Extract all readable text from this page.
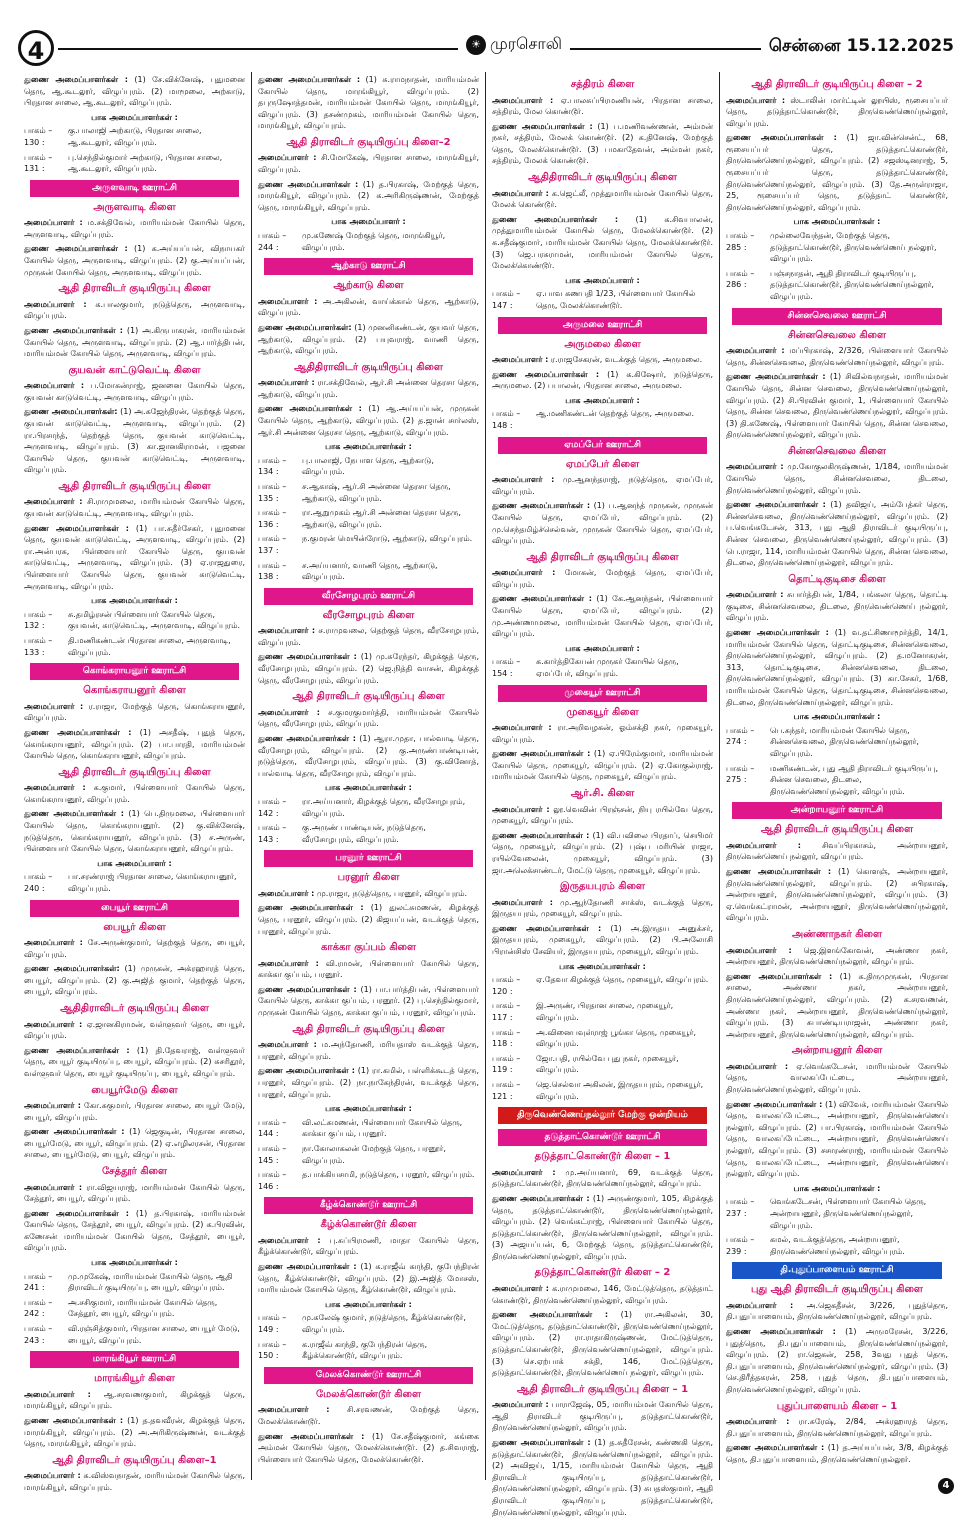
4	☀ முரசொலி	சென்னை 15.12.2025

துணை அமைப்பாளர்கள் : (1) சே.விக்னேஷ், புதுமனை தெரு, ஆ.கூடலூர், விழுப்புரம். (2) மாமூலை, அற்காடு, பிரதான சாலை, ஆ.கூடலூர், விழுப்புரம்.

பாக அமைப்பாளர்கள் :
பாகம் – 130 :
கு.பாலாஜி அற்காடு, பிரதான சாலை, ஆ.கூடலூர், விழுப்புரம்.
பாகம் – 131 :
பு.செந்தில்குமார் அற்காடு, பிரதான சாலை, ஆ.கூடலூர், விழுப்புரம்.
அருளவாடி ஊராட்சி
அருளவாடி கிளை

அமைப்பாளர் : ம.சக்திவேல், மாரியம்மன் கோயில் தெரு, அருளவாடி, விழுப்புரம்.

துணை அமைப்பாளர்கள் : (1) க.அய்யப்பன், விநாயகர் கோயில் தெரு, அருளவாடி, விழுப்புரம். (2) கு.அய்யப்பன், முருகன் கோயில் தெரு, அருளவாடி, விழுப்புரம்.

ஆதி திராவிடர் குடியிருப்பு கிளை

அமைப்பாளர் : க.பாலகுமார், நடுத்தெரு, அருளவாடி, விழுப்புரம்.

துணை அமைப்பாளர்கள் : (1) அ.கிருபாகரன், மாரியம்மன் கோயில் தெரு, அருளவாடி, விழுப்புரம். (2) ஆ.பார்த்திபன், மாரியம்மன் கோயில் தெரு, அருளவாடி, விழுப்புரம்.

குயவன் காட்டுவெட்டி கிளை

அமைப்பாளர் : ப.மோகன்ராஜ், ஜனனை கோயில் தெரு, குயவன் காடுவெட்டி, அருளவாடி, விழுப்புரம்.

துணை அமைப்பாளர்கள்: (1) அ.கஜேந்திரன், தெற்குத் தெரு, குயவன் காடுவெட்டி, அருளவாடி, விழுப்புரம். (2) ரா.பிரசாந்த், தெற்குத் தெரு, குயவன் காடுவெட்டி, அருளவாடி, விழுப்புரம். (3) கா.ஜானகிராமன், பஜனை கோயில் தெரு, குயவன் காடுவெட்டி, அருளவாடி, விழுப்புரம்.

ஆதி திராவிடர் குடியிருப்பு கிளை

அமைப்பாளர் : சி.ராமுமலை, மாரியம்மன் கோயில் தெரு, குயவன் காடுவெட்டி, அருளவாடி, விழுப்புரம்.

துணை அமைப்பாளர்கள் : (1) பா.சுதீர்சேகர், புதுமனை தெரு, குயவன் காடுவெட்டி, அருளவாடி, விழுப்புரம். (2) ரா.அன்பரசு, பிள்ளையார் கோயில் தெரு, குயவன் காடுவெட்டி, அருளவாடி, விழுப்புரம். (3) ஏ.ராஜதுரை, பிள்ளையார் கோயில் தெரு, குயவன் காடுவெட்டி, அருளவாடி, விழுப்புரம்.

பாக அமைப்பாளர்கள் :
பாகம் – 132 :
சு.தமிழ்ரசன் பிள்ளையார் கோயில் தெரு, குயவன், காடுவெட்டி, அருளவாடி, விழுப்புரம்.
பாகம் – 133 :
தி.மணிகண்டன் பிரதான சாலை, அருளவாடி, விழுப்புரம்.
கொங்கராயனூர் ஊராட்சி
கொங்கராயனூர் கிளை

அமைப்பாளர் : ர.ராஜா, மேற்குத் தெரு, கொங்கராயனூர், விழுப்புரம்.

துணை அமைப்பாளர்கள் : (1) அசதீஷ், புதுத் தெரு, கொங்கராயனூர், விழுப்புரம். (2) பா.பாரதி, மாரியம்மன் கோயில் தெரு, கொங்கராயனூர், விழுப்புரம்.

ஆதி திராவிடர் குடியிருப்பு கிளை

அமைப்பாளர் : க.குமார், பிள்ளையார் கோயில் தெரு, கொங்கராயனூர், விழுப்புரம்.

துணை அமைப்பாளர்கள் : (1) பெ.திருமலை, பிள்ளையார் கோயில் தெரு, கொங்கராயனூர். (2) கு.விக்னேஷ், நடுத்தெரு, கொங்கராயனூர், விழுப்புரம். (3) ச.அருண், பிள்ளையார் கோயில் தெரு, கொங்கராயனூர், விழுப்புரம்.

பாக அமைப்பாளர் :
பாகம் – 240 :
பா.சரண்ராஜ் பிரதான சாலை, கொங்கராயனூர், விழுப்புரம்.
பையூர் ஊராட்சி
பையூர் கிளை

அமைப்பாளர் : சே.அருண்குமார், தெற்குத் தெரு, பையூர், விழுப்புரம்.

துணை அமைப்பாளர்கள்: (1) முருகன், அக்ரஹாரத் தெரு, பையூர், விழுப்புரம். (2) கு.அஜித் குமார், தெற்குத் தெரு, பையூர், விழுப்புரம்.

ஆதிதிராவிடர் குடியிருப்பு கிளை

அமைப்பாளர் : ஏ.ஜானகிராமன், வள்ளுவர் தெரு, பையூர், விழுப்புரம்.

துணை அமைப்பாளர்கள் : (1) தி.தேவராஜ், வள்ளுவர் தெரு, பையூர் குடியிருப்பு, பையூர், விழுப்புரம். (2) சுசரிதூர், வள்ளுவர் தெரு, பையூர் குடியிருப்பு, பையூர், விழுப்புரம்.

பையூர்மேடு கிளை

அமைப்பாளர் : கோ.சுகுமார், பிரதான சாலை, பையூர் மேடு, பையூர், விழுப்புரம்.

துணை அமைப்பாளர்கள் : (1) ஜெகுடின், பிரதான சாலை, பையூர்மேடு, பையூர், விழுப்புரம். (2) ஏ.எழிலரசன், பிரதான சாலை, பையூர்மேடு, பையூர், விழுப்புரம்.

சேத்தூர் கிளை

அமைப்பாளர் : ரா.விஜயராஜ், மாரியம்மன் கோயில் தெரு, சேத்தூர், பையூர், விழுப்புரம்.

துணை அமைப்பாளர்கள் : (1) த.பிரகாஷ், மாரியம்மன் கோயில் தெரு, சேத்தூர், பையூர், விழுப்புரம். (2) க.பிரவின், கணேசன் மாரியம்மன் கோயில் தெரு, சேத்தூர், பையூர், விழுப்புரம்.

பாக அமைப்பாளர்கள் :
பாகம் – 241 :
மு.முகேஷ், மாரியம்மன் கோயில் தெரு, ஆதி திராவிடர் குடியிருப்பு, பையூர், விழுப்புரம்.
பாகம் – 242 :
அ.சசிகுமார், மாரியம்மன் கோயில் தெரு, சேத்தூர், பையூர், விழுப்புரம்.
பாகம் – 243 :
வி.ரஞ்சித்குமார், பிரதான சாலை, பையூர் மேடு, பையூர், விழுப்புரம்.
மாரங்கியூர் ஊராட்சி
மாரங்கியூர் கிளை

அமைப்பாளர் : ஆ.சரவணகுமார், கிழக்குத் தெரு, மாரங்கியூர், விழுப்புரம்.

துணை அமைப்பாளர்கள் : (1) த.தவவீரன், கிழக்குத் தெரு, மாரங்கியூர், விழுப்புரம். (2) அ.அரிகிருஷ்ணன், வடக்குத் தெரு, மாரங்கியூர், விழுப்புரம்.

ஆதி திராவிடர் குடியிருப்பு கிளை–1

அமைப்பாளர் : க.விஸ்வநாதன், மாரியம்மன் கோயில் தெரு, மாரங்கியூர், விழுப்புரம்.

துணை அமைப்பாளர்கள் : (1) சு.ராமநாதன், மாரியம்மன் கோயில் தெரு, மாரங்கியூர், விழுப்புரம். (2) தபுருஷோத்தமன், மாரியம்மன் கோயில் தெரு, மாரங்கியூர், விழுப்புரம். (3) தசண்முகம், மாரியம்மன் கோயில் தெரு, மாரங்கியூர், விழுப்புரம்.

ஆதி திராவிடர் குடியிருப்பு கிளை–2

அமைப்பாளர் : சி.மோகேஷ், பிரதான சாலை, மாரங்கியூர், விழுப்புரம்.

துணை அமைப்பாளர்கள் : (1) த.பிரகாஷ், மேற்குத் தெரு, மாரங்கியூர், விழுப்புரம். (2) க.அரிகிருஷ்ணன், மேற்குத் தெரு, மாரங்கியூர், விழுப்புரம்.

பாக அமைப்பாளர் :
பாகம் – 244 :
மு.கணேஷ் மேற்குத் தெரு, மாரங்கியூர், விழுப்புரம்.
ஆற்காடு ஊராட்சி
ஆற்காடு கிளை

அமைப்பாளர் : அ.அகிலன், வாய்க்கால் தெரு, ஆற்காடு, விழுப்புரம்.

துணை அமைப்பாளர்கள்: (1) முனனிகண்டன், குயவர் தெரு, ஆற்காடு, விழுப்புரம். (2) பயுவராஜ், வாணி தெரு, ஆற்காடு, விழுப்புரம்.

ஆதிதிராவிடர் குடியிருப்பு கிளை

அமைப்பாளர் : ரா.சக்திவேல், ஆர்.சி அன்னை தெரசா தெரு, ஆற்காடு, விழுப்புரம்.

துணை அமைப்பாளர்கள் : (1) ஆ.அய்யப்பன், முருகன் கோயில் தெரு, ஆற்காடு, விழுப்புரம். (2) த.ஜான் சார்லஸ், ஆர்.சி அன்னை தெரசா தெரு, ஆற்காடு, விழுப்புரம்.

பாக அமைப்பாளர்கள் :
பாகம் – 134 :
பு.பாலாஜி, நேபாள தெரு, ஆற்காடு, விழுப்புரம்.
பாகம் – 135 :
ச.ஆகாஷ், ஆர்.சி அன்னை தெரசா தெரு, ஆற்காடு, விழுப்புரம்.
பாகம் – 136 :
ரா.ஆறுமுகம் ஆர்.சி அன்னை தெரசா தெரு, ஆற்காடு, விழுப்புரம்.
பாகம் – 137 :
ந.குமரன் மெயின்ரோடு, ஆற்காடு, விழுப்புரம்.
பாகம் – 138 :
ச.அய்யனார், வாணி தெரு, ஆற்காடு, விழுப்புரம்.
வீரசோழபுரம் ஊராட்சி
வீரசோழபுரம் கிளை

அமைப்பாளர் : ச.ராமுவலை, தெற்குத் தெரு, வீரசோழபுரம், விழுப்புரம்.

துணை அமைப்பாளர்கள் : (1) மு.சுரேந்தர், கிழக்குத் தெரு, வீரசோழபுரம், விழுப்புரம். (2) ஜெ.நித்தி வாசன், கிழக்குத் தெரு, வீரசோழபுரம், விழுப்புரம்.

ஆதி திராவிடர் குடியிருப்பு கிளை

அமைப்பாளர் : ச.குமரகுமார்த்தி, மாரியம்மன் கோயில் தெரு, வீரசோழபுரம், விழுப்புரம்.

துணை அமைப்பாளர்கள் : (1) ஆரா.முதா, பால்வாடி தெரு, வீரசோழபுரம், விழுப்புரம். (2) கு.அருண்பாண்டியன், நடுத்தெரு, வீரசோழபுரம், விழுப்புரம். (3) கு.வினோத், பால்வாடி தெரு, வீரசோழபுரம், விழுப்புரம்.

பாக அமைப்பாளர்கள் :
பாகம் – 142 :
ரா.அய்யனார், கிழக்குத் தெரு, வீரசோழபுரம், விழுப்புரம்.
பாகம் – 143 :
கு.அருண் பாண்டியன், நடுத்தெரு, வீரசோழபுரம், விழுப்புரம்.
பரனூர் ஊராட்சி
பரனூர் கிளை

அமைப்பாளர் : மு.ராஜா, நடுத்தெரு, பரனூர், விழுப்புரம்.

துணை அமைப்பாளர்கள் : (1) துலட்சுமணன், கிழக்குத் தெரு, பரனூர், விழுப்புரம். (2) கிஜயப்பன், வடக்குத் தெரு, பரனூர், விழுப்புரம்.

காக்கா குப்பம் கிளை

அமைப்பாளர் : வி.ராமன், பிள்ளையார் கோயில் தெரு, காக்கா குப்பம், பரனூர்.

துணை அமைப்பாளர்கள் : (1) பா.பார்த்திபன், பிள்ளையார் கோயில் தெரு, காக்கா குப்பம், பரனூர். (2) பு.செந்தில்குமார், முருகன் கோயில் தெரு, காக்கா குப்பம், பரனூர், விழுப்புரம்.

ஆதி திராவிடர் குடியிருப்பு கிளை

அமைப்பாளர் : ம.அந்தோணி, மரியதாஸ் வடக்குத் தெரு, பரனூர், விழுப்புரம்.

துணை அமைப்பாளர்கள் : (1) ரா.கமில், பள்ளிக்கூடத் தெரு, பரனூர், விழுப்புரம். (2) நா.நாகேந்திரன், வடக்குத் தெரு, பரனூர், விழுப்புரம்.

பாக அமைப்பாளர்கள் :
பாகம் – 144 :
வி.லட்சுமணன், பிள்ளையார் கோயில் தெரு, காக்கா குப்பம், பரனூர்.
பாகம் – 145 :
நா.கோலாகலன் மேற்குத் தெரு, பரனூர், விழுப்புரம்.
பாகம் – 146 :
த.பாக்கியசாமி, நடுத்தெரு, பரனூர், விழுப்புரம்.
கீழ்க்கொண்டூர் ஊராட்சி
கீழ்க்கொண்டூர் கிளை

அமைப்பாளர் : பு.சுப்பிரமணி, மாதா கோயில் தெரு, கீழ்க்கொண்டூர், விழுப்புரம்.

துணை அமைப்பாளர்கள் : (1) க.ராஜீவ் காந்தி, குபேந்திரன் தெரு, கீழ்க்கொண்டூர், விழுப்புரம். (2) இ.அஜித் மோசஸ், மாரியம்மன் கோயில் தெரு, கீழ்கொண்டூர், விழுப்புரம்.

பாக அமைப்பாளர்கள் :
பாகம் – 149 :
மு.கலேஷ் குமார், நடுத்தெரு, கீழ்க்கொண்டூர், விழுப்புரம்.
பாகம் – 150 :
க.ராஜீவ் காந்தி, குபேந்திரன் தெரு, கீழ்க்கொண்டூர், விழுப்புரம்.
மேலக்கொண்டூர் ஊராட்சி
மேலக்கொண்டூர் கிளை

அமைப்பாளர் : சி.சரவணன், மேற்குத் தெரு, மேலக்கொண்டூர்.

துணை அமைப்பாளர்கள் : (1) சே.சதீஷ்குமார், கங்கை அம்மன் கோயில் தெரு, மேலக்கொண்டூர். (2) த.சிவராஜ், பிள்ளையார் கோயில் தெரு, மேலக்கொண்டூர்.

சத்திரம் கிளை

அமைப்பாளர் : ஏ.பாலசுப்பிரமணியன், பிரதான சாலை, சத்திரம், மேல கொண்டூர்.

துணை அமைப்பாளர்கள் : (1) ப.மணிவண்ணன், அம்மன் நகர், சத்திரம், மேலக் கொண்டூர். (2) க.தினேஷ், மேற்குத் தெரு, மேலக்கொண்டூர். (3) பமகாதேவன், அம்மன் நகர், சத்திரம், மேலக் கொண்டூர்.

ஆதிதிராவிடர் குடியிருப்பு கிளை

அமைப்பாளர் : க.ஜெட்லீ, முத்துமாரியம்மன் கோயில் தெரு, மேலக் கொண்டூர்.

துணை அமைப்பாளர்கள் : (1) க.சிவபாலன், முத்துமாரியம்மன் கோயில் தெரு, மேலக்கொண்டூர். (2) க.சதீஷ்குமார், மாரியம்மன் கோயில் தெரு, மேலக்கொண்டூர். (3) ஜெ.பரசுராமன், மாரியம்மன் கோயில் தெரு, மேலக்கொண்டூர்.

பாக அமைப்பாளர் :
பாகம் – 147 :
ஏ.பாவ கணபதி 1/23, பிள்ளையார் கோயில் தெரு, மேலக்கொண்டூர்.
அருமலை ஊராட்சி
அருமலை கிளை

அமைப்பாளர் : ர.ராஜசேகரன், வடக்குத் தெரு, அருமலை.

துணை அமைப்பாளர்கள் : (1) க.கிஷோர், நடுத்தெரு, அருமலை. (2) பபாலன், பிரதான சாலை, அருமலை.

பாக அமைப்பாளர் :
பாகம் – 148 :
ஆ.மணிகண்டன் தெற்குத் தெரு, அருமலை.
ஏமப்பேர் ஊராட்சி
ஏமப்பேர் கிளை

அமைப்பாளர் : மு.ஆனந்தராஜ், நடுத்தெரு, ஏமப்பேர், விழுப்புரம்.

துணை அமைப்பாளர்கள் : (1) ப.ஆனந்த் முருகன், முருகன் கோயில் தெரு, ஏமப்பேர், விழுப்புரம். (2) மு.செந்தமிழ்ச்செல்வன், முருகன் கோயில் தெரு, ஏமப்பேர், விழுப்புரம்.

ஆதி திராவிடர் குடியிருப்பு கிளை

அமைப்பாளர் : மோகன், மேற்குத் தெரு, ஏமப்பேர், விழுப்புரம்.

துணை அமைப்பாளர்கள் : (1) கே.ஆனந்தன், பிள்ளையார் கோயில் தெரு, ஏமப்பேர், விழுப்புரம். (2) மு.அண்ணாமலை, மாரியம்மன் கோயில் தெரு, ஏமப்பேர், விழுப்புரம்.

பாக அமைப்பாளர் :
பாகம் – 154 :
க.கார்த்திகேயன் முருகர் கோயில் தெரு, ஏமப்பேர், விழுப்புரம்.
முகையூர் ஊராட்சி
முகையூர் கிளை

அமைப்பாளர் : ரா.அறிவழகன், ஓம்சக்தி நகர், முகையூர், விழுப்புரம்.

துணை அமைப்பாளர்கள் : (1) ஏ.பிரேம்குமார், மாரியம்மன் கோயில் தெரு, முகையூர், விழுப்புரம். (2) ஏ.கோகுல்ராஜ், மாரியம்மன் கோயில் தெரு, முகையூர், விழுப்புரம்.

ஆர்.சி. கிளை

அமைப்பாளர் : லூ.வெவின் பிரஞ்சன், நியு ரயில்வே தெரு, முகையூர், விழுப்புரம்.

துணை அமைப்பாளர்கள் : (1) வி.பவிலை பிரதாப், செயிமர் தெரு, முகையூர், விழுப்புரம். (2) புஷ்ப மரியின் ராஜா, ரயில்வேலைன், முகையூர், விழுப்புரம். (3) ஜா.அலெக்சாண்டர், மேட்டு தெரு, முகையூர், விழுப்புரம்.

இருதயபுரம் கிளை

அமைப்பாளர் : மு.ஆந்தோணி சாக்ஸ், வடக்குத் தெரு, இருதயபுரம், முகையூர், விழுப்புரம்.

துணை அமைப்பாளர்கள் : (1) அ.இருதய அனுக்சர், இருதயபுரம், முகையூர், விழுப்புரம். (2) பி.அலோசி பிரான்சிஸ் சேவியர், இருதயபுரம், முகையூர், விழுப்புரம்.

பாக அமைப்பாளர்கள் :
பாகம் – 120 :
ஏ.தேவா கிழக்குத் தெரு, முகையூர், விழுப்புரம்.
பாகம் – 117 :
இ.அருண், பிரதான சாலை, முகையூர், விழுப்புரம்.
பாகம் – 118 :
அ.வினைபவுள்ராஜ் பூங்கா தெரு, முகையூர், விழுப்புரம்.
பாகம் – 119 :
ஜோ.பதி, ரயில்வே புது நகர், முகையூர், விழுப்புரம்.
பாகம் – 121 :
ஜெ.செல்வா அகிலன், இருதயபுரம், முகையூர், விழுப்புரம்.
திருவெண்ணெய்நல்லூர் மேற்கு ஒன்றியம்
தடுத்தாட்கொண்டூர் ஊராட்சி
தடுத்தாட்கொண்டூர் கிளை – 1

அமைப்பாளர் : மு.அய்யனார், 69, வடக்குத் தெரு, தடுத்தாட்கொண்டூர், திருவெண்ணெய்நல்லூர், விழுப்புரம்.

துணை அமைப்பாளர்கள் : (1) அருண்குமார், 105, கிழக்குத் தெரு, தடுத்தாட்கொண்டூர், திருவெண்ணெய்நல்லூர், விழுப்புரம். (2) வெங்கட்ராஜ், பிள்ளையார் கோயில் தெரு, தடுத்தாட்கொண்டூர், திருவெண்ணெய்நல்லூர், விழுப்புரம். (3) அஜயப்பன், 6, மேற்குத் தெரு, தடுத்தாட்கொண்டூர், திருவெண்ணெய்நல்லூர், விழுப்புரம்.

தடுத்தாட்கொண்டூர் கிளை – 2

அமைப்பாளர் : க.ராமுமலை, 146, மேட்டுத்தெரு, தடுத்தாட் கொண்டூர், திருவெண்ணெய்நல்லூர், விழுப்புரம்.

துணை அமைப்பாளர்கள் : (1) ரா.அகிலன், 30, மேட்டுத்தெரு, தடுத்தாட்கொண்டூர், திருவெண்ணெய்நல்லூர், விழுப்புரம். (2) ரா.ராதாகிருஷ்ணன், மேட்டுத்தெரு, தடுத்தாட்கொண்டூர், திருவெண்ணெய்நல்லூர், விழுப்புரம். (3) செ.ஏற்பாக் சக்தி, 146, மேட்டுத்தெரு, தடுத்தாட்கொண்டூர், திருவெண்ணெய் நல்லூர், விழுப்புரம்.

ஆதி திராவிடர் குடியிருப்பு கிளை – 1

அமைப்பாளர் : பாராஜேஷ், 05, மாரியம்மன் கோயில் தெரு, ஆதி திராவிடர் குடியிருப்பு, தடுத்தாட்கொண்டூர், திருவெண்ணெய்நல்லூர், விழுப்புரம்.

துணை அமைப்பாளர்கள் : (1) த.சுதீரேசன், கண்ணகி தெரு, தடுத்தாட்கொண்டூர், திருவெண்ணெய்நல்லூர், விழுப்புரம். (2) அவிஜய், 1/15, மாரியம்மன் கோயில் தெரு, ஆதி திராவிடர் குடியிருப்பு, தடுத்தாட்கொண்டூர், திருவெண்ணெய்நல்லூர், விழுப்புரம். (3) சுபதஸ்குமார், ஆதி திராவிடர் குடியிருப்பு, தடுத்தாட்கொண்டூர், திருவெண்ணெய்நல்லூர், விழுப்புரம்.

ஆதி திராவிடர் குடியிருப்பு கிளை – 2

அமைப்பாளர் : ஸ்டாலின் மார்ட்டின் லூயிஸ், ரூசையப்பர் தெரு, தடுத்தாட்கொண்டூர், திருவெண்ணெய்நல்லூர், விழுப்புரம்.

துணை அமைப்பாளர்கள் : (1) ஜா.வின்சென்ட், 68, ரூசையப்பர் தெரு, தடுத்தாட்கொண்டூர், திருவெண்ணெய்நல்லூர், விழுப்புரம். (2) சஜஸ்டினராஜ், 5, ரூசையப்பர் தெரு, தடுத்தாட்கொண்டூர், திருவெண்ணெய்நல்லூர், விழுப்புரம். (3) தே.அருள்ராஜா, 25, ரூசையப்பர் தெரு, தடுத்தாட் கொண்டூர், திருவெண்ணெய்நல்லூர், விழுப்புரம்.

பாக அமைப்பாளர்கள் :
பாகம் – 285 :
முல்லைவேந்தன், மேற்குத் தெரு, தடுத்தாட்கொண்டூர், திருவெண்ணெய் நல்லூர், விழுப்புரம்.
பாகம் – 286 :
பஞ்சநாதன், ஆதி திராவிடர் குடியிருப்பு, தடுத்தாட்கொண்டூர், திருவெண்ணெய்நல்லூர், விழுப்புரம்.
சின்னசெவலை ஊராட்சி
சின்னசெவலை கிளை

அமைப்பாளர் : மப்பிரகாஷ், 2/326, பிள்ளையார் கோயில் தெரு, சின்னசெவலை, திருவெண்ணெய்நல்லூர், விழுப்புரம்.

துணை அமைப்பாளர்கள் : (1) சிவில்வநாதன், மாரியம்மன் கோயில் தெரு, சின்ன செவலை, திருவெண்ணெய்நல்லூர், விழுப்புரம். (2) சி.பிரவின் குமார், 1, பிள்ளையார் கோயில் தெரு, சின்ன செவலை, திருவெண்ணெய்நல்லூர், விழுப்புரம். (3) தி.கணேஷ், பிள்ளையார் கோயில் தெரு, சின்ன செவலை, திருவெண்ணெய்நல்லூர், விழுப்புரம்.

சின்னசெவலை கிளை

அமைப்பாளர் : மு.கோகுலகிருஷ்ணன், 1/184, மாரியம்மன் கோயில் தெரு, சின்னசெவலை, திடலை, திருவெண்ணெய்நல்லூர், விழுப்புரம்.

துணை அமைப்பாளர்கள் : (1) தவிஜய், அம்பேத்கர் தெரு, சின்னசெவலை, திருவெண்ணெய்நல்லூர், விழுப்புரம். (2) ப.வெங்கடேசன், 313, புது ஆதி திராவிடர் குடியிருப்பு, சின்ன செவலை, திருவெண்ணெய்நல்லூர், விழுப்புரம். (3) பெ.ராஜா, 114, மாரியம்மன் கோயில் தெரு, சின்ன செவலை, திடலை, திருவெண்ணெய்நல்லூர், விழுப்புரம்.

தொட்டிகுடிசை கிளை

அமைப்பாளர் : சுபார்த்திபன், 1/84, பங்கலா தெரு, தொட்டி குடிசை, சின்னசெவலை, திடலை, திருவெண்ணெய் நல்லூர், விழுப்புரம்.

துணை அமைப்பாளர்கள் : (1) வ.தட்சிணாமூர்த்தி, 14/1, மாரியம்மன் கோயில் தெரு, தொட்டிகுடிசை, சின்னசெவலை, திருவெண்ணெய்நல்லூர், விழுப்புரம். (2) த.மனோகரன், 313, தொட்டிகுடிசை, சின்னசெவலை, திடலை, திருவெண்ணெய்நல்லூர், விழுப்புரம். (3) கா.சேகர், 1/68, மாரியம்மன் கோயில் தெரு, தொட்டிகுடிசை, சின்னசெவலை, திடலை, திருவெண்ணெய்நல்லூர், விழுப்புரம்.

பாக அமைப்பாளர்கள் :
பாகம் – 274 :
பெ.சுந்தர், மாரியம்மன் கோயில் தெரு, சின்னசெவலை, திருவெண்ணெய்நல்லூர், விழுப்புரம்.
பாகம் – 275 :
மணிகண்டன், புது ஆதி திராவிடர் குடியிருப்பு, சின்ன செவலை, திடலை, திருவெண்ணெய்நல்லூர், விழுப்புரம்.
அன்றாயனூர் ஊராட்சி
ஆதி திராவிடர் குடியிருப்பு கிளை

அமைப்பாளர் : சிவப்பிரகாசம், அன்றாயனூர், திருவெண்ணெய் நல்லூர், விழுப்புரம்.

துணை அமைப்பாளர்கள் : (1) கொளஞ், அன்றாயனூர், திருவெண்ணெய்நல்லூர், விழுப்புரம். (2) சபிரகாஷ், அன்றாயனூர், திருவெண்ணெய்நல்லூர், விழுப்புரம். (3) ஏ.வெங்கட்ராமன், அன்றாயனூர், திருவெண்ணெய்நல்லூர், விழுப்புரம்.

அண்ணாநகர் கிளை

அமைப்பாளர் : ஜெ.இளங்கோவன், அண்ணா நகர், அன்றாயனூர், திருவெண்ணெய்நல்லூர், விழுப்புரம்.

துணை அமைப்பாளர்கள் : (1) க.திருமுருகன், பிரதான சாலை, அண்ணா நகர், அன்றாயனூர், திருவெண்ணெய்நல்லூர், விழுப்புரம். (2) க.சரவணன், அண்ணா நகர், அன்றாயனூர், திருவெண்ணெய்நல்லூர், விழுப்புரம். (3) சுபாண்டியராஜன், அண்ணா நகர், அன்றாயனூர், திருவெண்ணெய்நல்லூர், விழுப்புரம்.

அன்றாயனூர் கிளை

அமைப்பாளர் : ஏ.வெங்கடேசன், மாரியம்மன் கோயில் தெரு, வாலகப்பேட்டை, அன்றாயனூர், திருவெண்ணெய்நல்லூர், விழுப்புரம்.

துணை அமைப்பாளர்கள் : (1) விவேக், மாரியம்மன் கோயில் தெரு, வாலகப்பேட்டை, அன்றாயனூர், திருவெண்ணெய் நல்லூர், விழுப்புரம். (2) பா.பிரகாஷ், மாரியம்மன் கோயில் தெரு, வாலகப்பேட்டை, அன்றாயனூர், திருவெண்ணெய் நல்லூர், விழுப்புரம். (3) சசாரண்ராஜ், மாரியம்மன் கோயில் தெரு, வாலகப்பேட்டை, அன்றாயனூர், திருவெண்ணெய் நல்லூர், விழுப்புரம்.

பாக அமைப்பாளர்கள் :
பாகம் – 237 :
வெங்கடேசன், பிள்ளையார் கோயில் தெரு, அன்றாயனூர், திருவெண்ணெய்நல்லூர், விழுப்புரம்.
பாகம் – 239 :
கமல், வடக்குத்தெரு, அன்றாயனூர், திருவெண்ணெய்நல்லூர், விழுப்புரம்.
தி.புதுப்பாளையம் ஊராட்சி
புது ஆதி திராவிடர் குடியிருப்பு கிளை

அமைப்பாளர் : அ.ஜெகதீசன், 3/226, புதுத்தெரு, தி.புதுப்பாளையம், திருவெண்ணெய்நல்லூர், விழுப்புரம்.

துணை அமைப்பாளர்கள் : (1) அருமரேசன், 3/226, புதுத்தெரு, தி.புதுப்பாளையம், திருவெண்ணெய்நல்லூர், விழுப்புரம். (2) ரா.ஜெகன், 258, 3வது புதுத் தெரு, தி.புதுப்பாளையம், திருவெண்ணெய்நல்லூர், விழுப்புரம். (3) செ.திரீத்தகரன், 258, புதுத் தெரு, தி.புதுப்பாளையம், திருவெண்ணெய்நல்லூர், விழுப்புரம்.

புதுப்பாளையம் கிளை – 1

அமைப்பாளர் : ரா.சுரேஷ், 2/84, அக்ரஹாரத் தெரு, தி.புதுப்பாளையம், திருவெண்ணெய்நல்லூர், விழுப்புரம்.

துணை அமைப்பாளர்கள் : (1) த.அய்யப்பன், 3/8, கிழக்குத் தெரு, தி.புதுப்பாளையம், திருவெண்ணெய்நல்லூர்.

4
